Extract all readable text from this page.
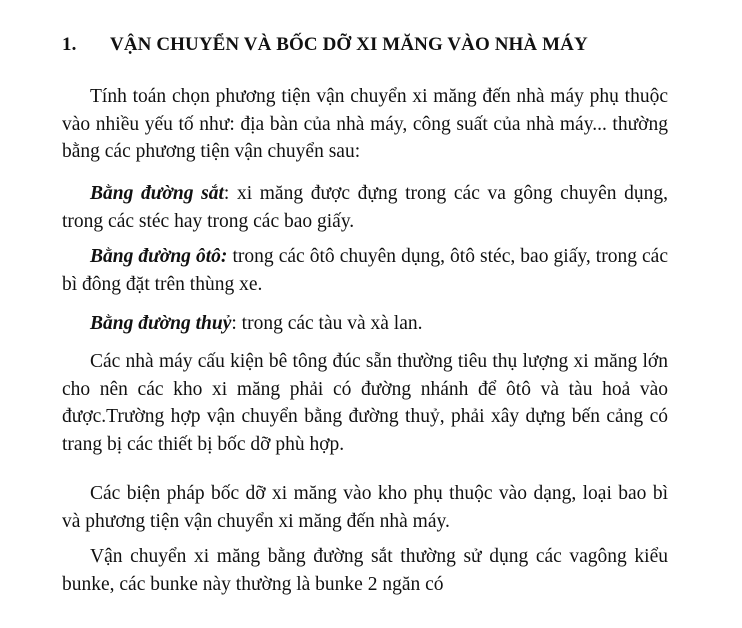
1. VẬN CHUYỂN VÀ BỐC DỠ XI MĂNG VÀO NHÀ MÁY

Tính toán chọn phương tiện vận chuyển xi măng đến nhà máy phụ thuộc vào nhiều yếu tố như: địa bàn của nhà máy, công suất của nhà máy... thường bằng các phương tiện vận chuyển sau:

Bằng đường sắt: xi măng được đựng trong các va gông chuyên dụng, trong các stéc hay trong các bao giấy.

Bằng đường ôtô: trong các ôtô chuyên dụng, ôtô stéc, bao giấy, trong các bì đông đặt trên thùng xe.

Bằng đường thuỷ: trong các tàu và xà lan.

Các nhà máy cấu kiện bê tông đúc sẵn thường tiêu thụ lượng xi măng lớn cho nên các kho xi măng phải có đường nhánh để ôtô và tàu hoả vào được.Trường hợp vận chuyển bằng đường thuỷ, phải xây dựng bến cảng có trang bị các thiết bị bốc dỡ phù hợp.

Các biện pháp bốc dỡ xi măng vào kho phụ thuộc vào dạng, loại bao bì và phương tiện vận chuyển xi măng đến nhà máy.

Vận chuyển xi măng bằng đường sắt thường sử dụng các vagông kiểu bunke, các bunke này thường là bunke 2 ngăn có
